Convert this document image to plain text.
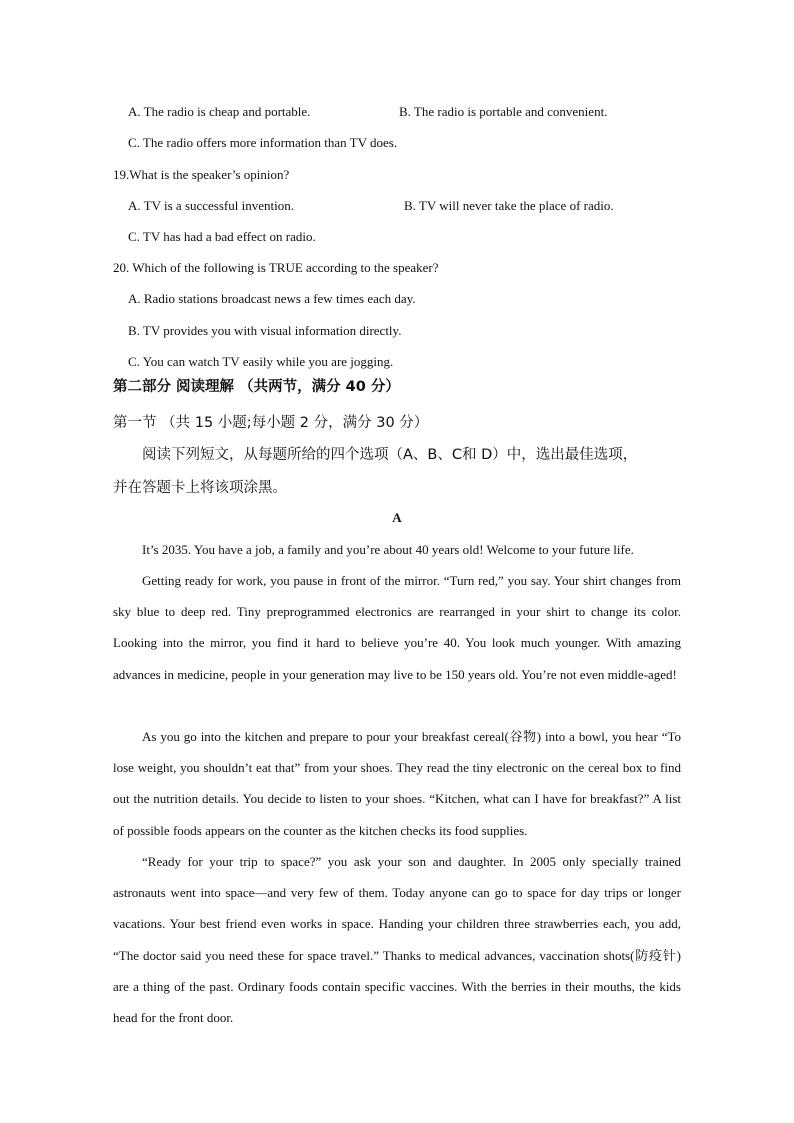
A. The radio is cheap and portable.	B. The radio is portable and convenient.
C. The radio offers more information than TV does.
19.What is the speaker’s opinion?
A. TV is a successful invention.	B. TV will never take the place of radio.
C. TV has had a bad effect on radio.
20. Which of the following is TRUE according to the speaker?
A. Radio stations broadcast news a few times each day.
B. TV provides you with visual information directly.
C. You can watch TV easily while you are jogging.
第二部分 阅读理解 （共两节，满分 40 分）
第一节 （共 15 小题;每小题 2 分，满分 30 分）
阅读下列短文，从每题所给的四个选项（A、B、C和 D）中，选出最佳选项，
并在答题卡上将该项涂黑。
A
It’s 2035. You have a job, a family and you’re about 40 years old! Welcome to your future life.
Getting ready for work, you pause in front of the mirror. “Turn red,” you say. Your shirt changes from sky blue to deep red. Tiny preprogrammed electronics are rearranged in your shirt to change its color. Looking into the mirror, you find it hard to believe you’re 40. You look much younger. With amazing advances in medicine, people in your generation may live to be 150 years old. You’re not even middle-aged!
As you go into the kitchen and prepare to pour your breakfast cereal(谷物) into a bowl, you hear “To lose weight, you shouldn’t eat that” from your shoes. They read the tiny electronic on the cereal box to find out the nutrition details. You decide to listen to your shoes. “Kitchen, what can I have for breakfast?” A list of possible foods appears on the counter as the kitchen checks its food supplies.
“Ready for your trip to space?” you ask your son and daughter. In 2005 only specially trained astronauts went into space—and very few of them. Today anyone can go to space for day trips or longer vacations. Your best friend even works in space. Handing your children three strawberries each, you add, “The doctor said you need these for space travel.” Thanks to medical advances, vaccination shots(防疫针) are a thing of the past. Ordinary foods contain specific vaccines. With the berries in their mouths, the kids head for the front door.
